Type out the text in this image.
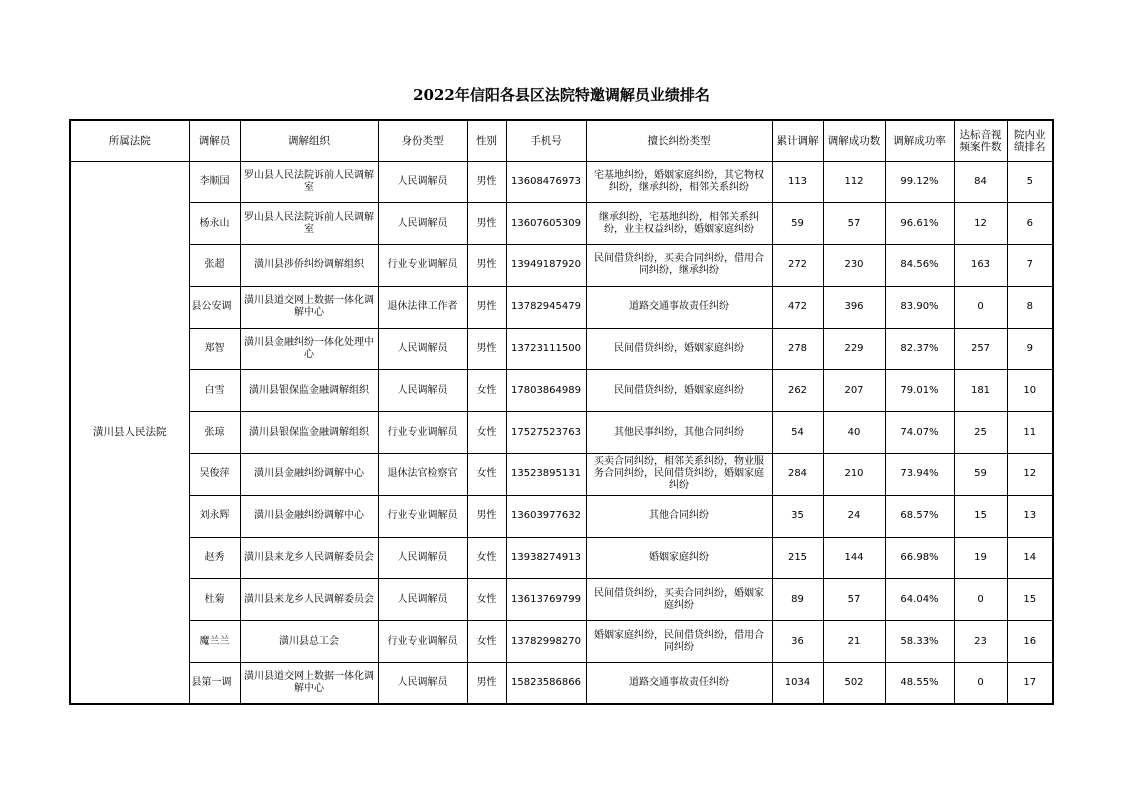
2022年信阳各县区法院特邀调解员业绩排名
所属法院	调解员	调解组织	身份类型	性别	手机号	擅长纠纷类型	累计调解	调解成功数	调解成功率	达标音视频案件数	院内业绩排名
潢川县人民法院	李顺国	罗山县人民法院诉前人民调解室	人民调解员	男性	13608476973	宅基地纠纷，婚姻家庭纠纷，其它物权纠纷，继承纠纷，相邻关系纠纷	113	112	99.12%	84	5
	杨永山	罗山县人民法院诉前人民调解室	人民调解员	男性	13607605309	继承纠纷，宅基地纠纷，相邻关系纠纷，业主权益纠纷，婚姻家庭纠纷	59	57	96.61%	12	6
	张超	潢川县涉侨纠纷调解组织	行业专业调解员	男性	13949187920	民间借贷纠纷，买卖合同纠纷，借用合同纠纷，继承纠纷	272	230	84.56%	163	7
	县公安调	潢川县道交网上数据一体化调解中心	退休法律工作者	男性	13782945479	道路交通事故责任纠纷	472	396	83.90%	0	8
	郑智	潢川县金融纠纷一体化处理中心	人民调解员	男性	13723111500	民间借贷纠纷，婚姻家庭纠纷	278	229	82.37%	257	9
	白雪	潢川县银保监金融调解组织	人民调解员	女性	17803864989	民间借贷纠纷，婚姻家庭纠纷	262	207	79.01%	181	10
	张琼	潢川县银保监金融调解组织	行业专业调解员	女性	17527523763	其他民事纠纷，其他合同纠纷	54	40	74.07%	25	11
	吴俊萍	潢川县金融纠纷调解中心	退休法官检察官	女性	13523895131	买卖合同纠纷，相邻关系纠纷，物业服务合同纠纷，民间借贷纠纷，婚姻家庭纠纷	284	210	73.94%	59	12
	刘永辉	潢川县金融纠纷调解中心	行业专业调解员	男性	13603977632	其他合同纠纷	35	24	68.57%	15	13
	赵秀	潢川县来龙乡人民调解委员会	人民调解员	女性	13938274913	婚姻家庭纠纷	215	144	66.98%	19	14
	杜菊	潢川县来龙乡人民调解委员会	人民调解员	女性	13613769799	民间借贷纠纷，买卖合同纠纷，婚姻家庭纠纷	89	57	64.04%	0	15
	魔兰兰	潢川县总工会	行业专业调解员	女性	13782998270	婚姻家庭纠纷，民间借贷纠纷，借用合同纠纷	36	21	58.33%	23	16
	县第一调	潢川县道交网上数据一体化调解中心	人民调解员	男性	15823586866	道路交通事故责任纠纷	1034	502	48.55%	0	17
